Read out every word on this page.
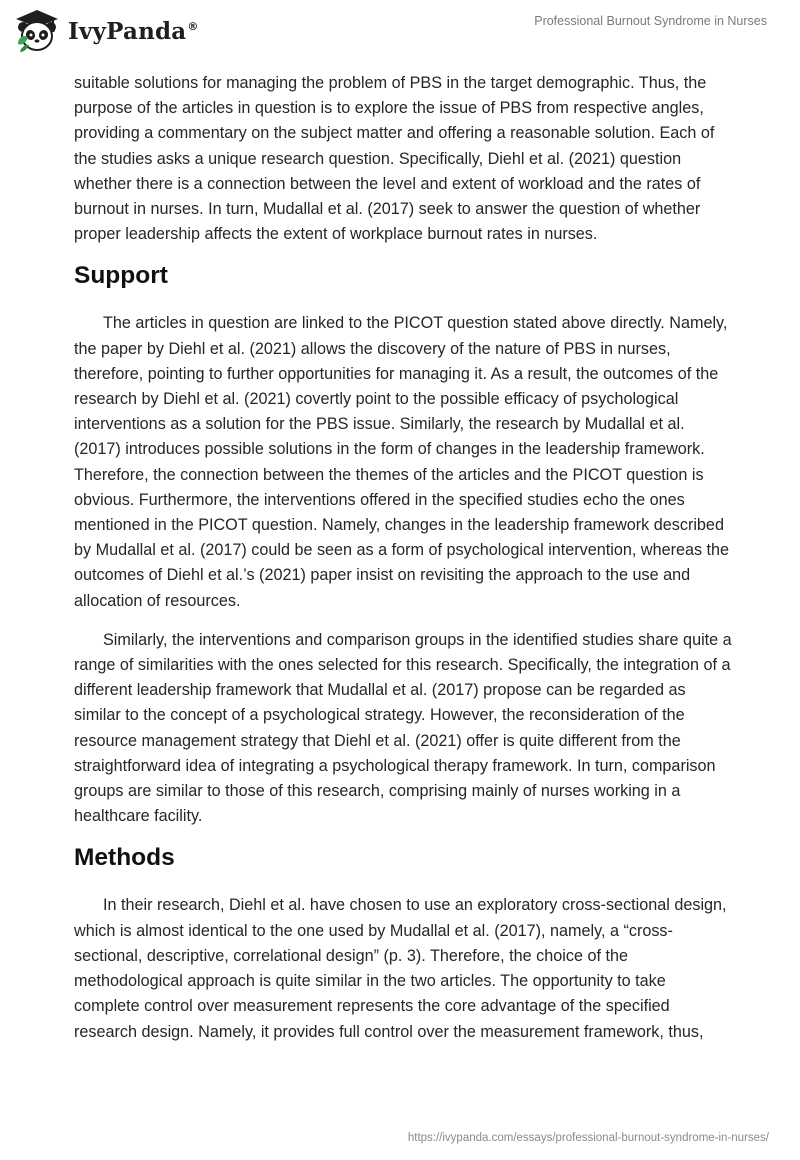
IvyPanda®	Professional Burnout Syndrome in Nurses

suitable solutions for managing the problem of PBS in the target demographic. Thus, the purpose of the articles in question is to explore the issue of PBS from respective angles, providing a commentary on the subject matter and offering a reasonable solution. Each of the studies asks a unique research question. Specifically, Diehl et al. (2021) question whether there is a connection between the level and extent of workload and the rates of burnout in nurses. In turn, Mudallal et al. (2017) seek to answer the question of whether proper leadership affects the extent of workplace burnout rates in nurses.

Support

The articles in question are linked to the PICOT question stated above directly. Namely, the paper by Diehl et al. (2021) allows the discovery of the nature of PBS in nurses, therefore, pointing to further opportunities for managing it. As a result, the outcomes of the research by Diehl et al. (2021) covertly point to the possible efficacy of psychological interventions as a solution for the PBS issue. Similarly, the research by Mudallal et al. (2017) introduces possible solutions in the form of changes in the leadership framework. Therefore, the connection between the themes of the articles and the PICOT question is obvious. Furthermore, the interventions offered in the specified studies echo the ones mentioned in the PICOT question. Namely, changes in the leadership framework described by Mudallal et al. (2017) could be seen as a form of psychological intervention, whereas the outcomes of Diehl et al.’s (2021) paper insist on revisiting the approach to the use and allocation of resources.

Similarly, the interventions and comparison groups in the identified studies share quite a range of similarities with the ones selected for this research. Specifically, the integration of a different leadership framework that Mudallal et al. (2017) propose can be regarded as similar to the concept of a psychological strategy. However, the reconsideration of the resource management strategy that Diehl et al. (2021) offer is quite different from the straightforward idea of integrating a psychological therapy framework. In turn, comparison groups are similar to those of this research, comprising mainly of nurses working in a healthcare facility.

Methods

In their research, Diehl et al. have chosen to use an exploratory cross-sectional design, which is almost identical to the one used by Mudallal et al. (2017), namely, a “cross-sectional, descriptive, correlational design” (p. 3). Therefore, the choice of the methodological approach is quite similar in the two articles. The opportunity to take complete control over measurement represents the core advantage of the specified research design. Namely, it provides full control over the measurement framework, thus,

https://ivypanda.com/essays/professional-burnout-syndrome-in-nurses/
